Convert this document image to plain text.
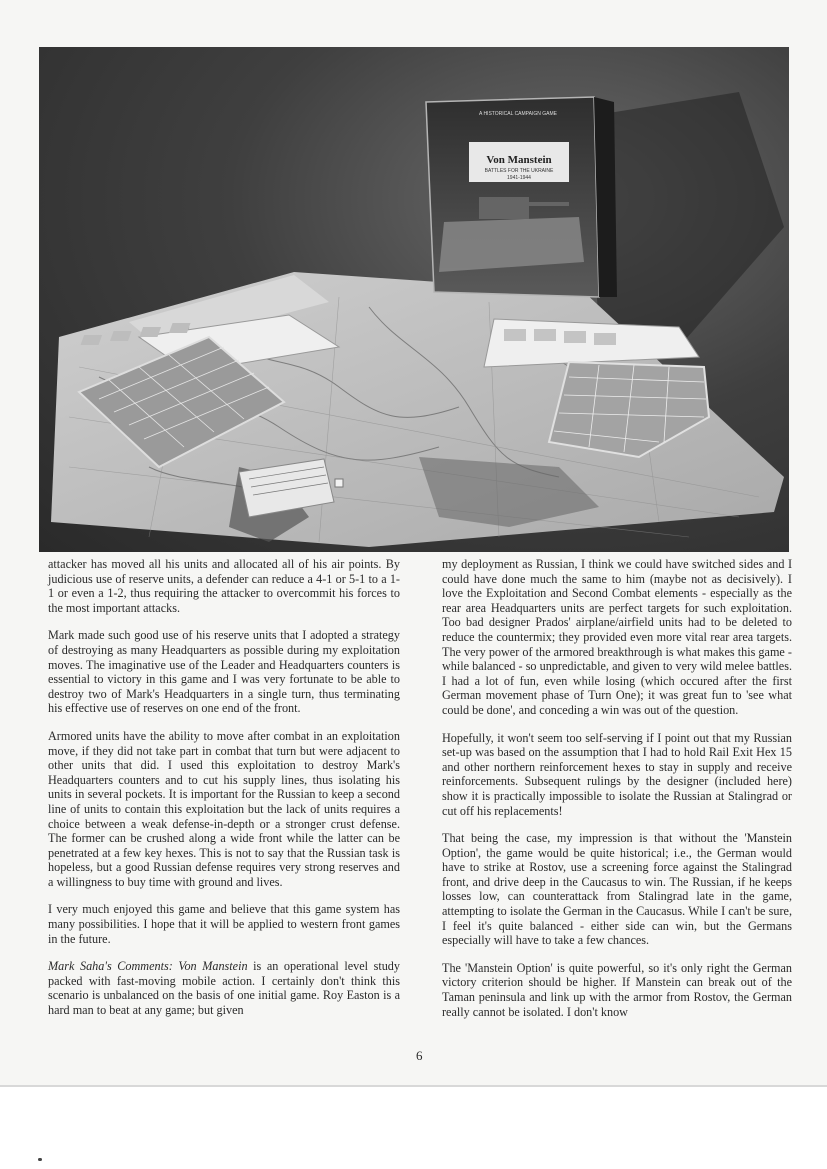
A HISTORICAL CAMPAIGN GAME
Von Manstein
BATTLES FOR THE UKRAINE
1941-1944

attacker has moved all his units and allocated all of his air points. By judicious use of reserve units, a defender can reduce a 4-1 or 5-1 to a 1-1 or even a 1-2, thus requiring the attacker to overcommit his forces to the most important attacks.

Mark made such good use of his reserve units that I adopted a strategy of destroying as many Headquarters as possible during my exploitation moves. The imaginative use of the Leader and Headquarters counters is essential to victory in this game and I was very fortunate to be able to destroy two of Mark's Headquarters in a single turn, thus terminating his effective use of reserves on one end of the front.

Armored units have the ability to move after combat in an exploitation move, if they did not take part in combat that turn but were adjacent to other units that did. I used this exploitation to destroy Mark's Headquarters counters and to cut his supply lines, thus isolating his units in several pockets. It is important for the Russian to keep a second line of units to contain this exploitation but the lack of units requires a choice between a weak defense-in-depth or a stronger crust defense. The former can be crushed along a wide front while the latter can be penetrated at a few key hexes. This is not to say that the Russian task is hopeless, but a good Russian defense requires very strong reserves and a willingness to buy time with ground and lives.

I very much enjoyed this game and believe that this game system has many possibilities. I hope that it will be applied to western front games in the future.

Mark Saha's Comments: Von Manstein is an operational level study packed with fast-moving mobile action. I certainly don't think this scenario is unbalanced on the basis of one initial game. Roy Easton is a hard man to beat at any game; but given

my deployment as Russian, I think we could have switched sides and I could have done much the same to him (maybe not as decisively). I love the Exploitation and Second Combat elements - especially as the rear area Headquarters units are perfect targets for such exploitation. Too bad designer Prados' airplane/airfield units had to be deleted to reduce the countermix; they provided even more vital rear area targets. The very power of the armored breakthrough is what makes this game - while balanced - so unpredictable, and given to very wild melee battles. I had a lot of fun, even while losing (which occured after the first German movement phase of Turn One); it was great fun to 'see what could be done', and conceding a win was out of the question.

Hopefully, it won't seem too self-serving if I point out that my Russian set-up was based on the assumption that I had to hold Rail Exit Hex 15 and other northern reinforcement hexes to stay in supply and receive reinforcements. Subsequent rulings by the designer (included here) show it is practically impossible to isolate the Russian at Stalingrad or cut off his replacements!

That being the case, my impression is that without the 'Manstein Option', the game would be quite historical; i.e., the German would have to strike at Rostov, use a screening force against the Stalingrad front, and drive deep in the Caucasus to win. The Russian, if he keeps losses low, can counterattack from Stalingrad late in the game, attempting to isolate the German in the Caucasus. While I can't be sure, I feel it's quite balanced - either side can win, but the Germans especially will have to take a few chances.

The 'Manstein Option' is quite powerful, so it's only right the German victory criterion should be higher. If Manstein can break out of the Taman peninsula and link up with the armor from Rostov, the German really cannot be isolated. I don't know

6
